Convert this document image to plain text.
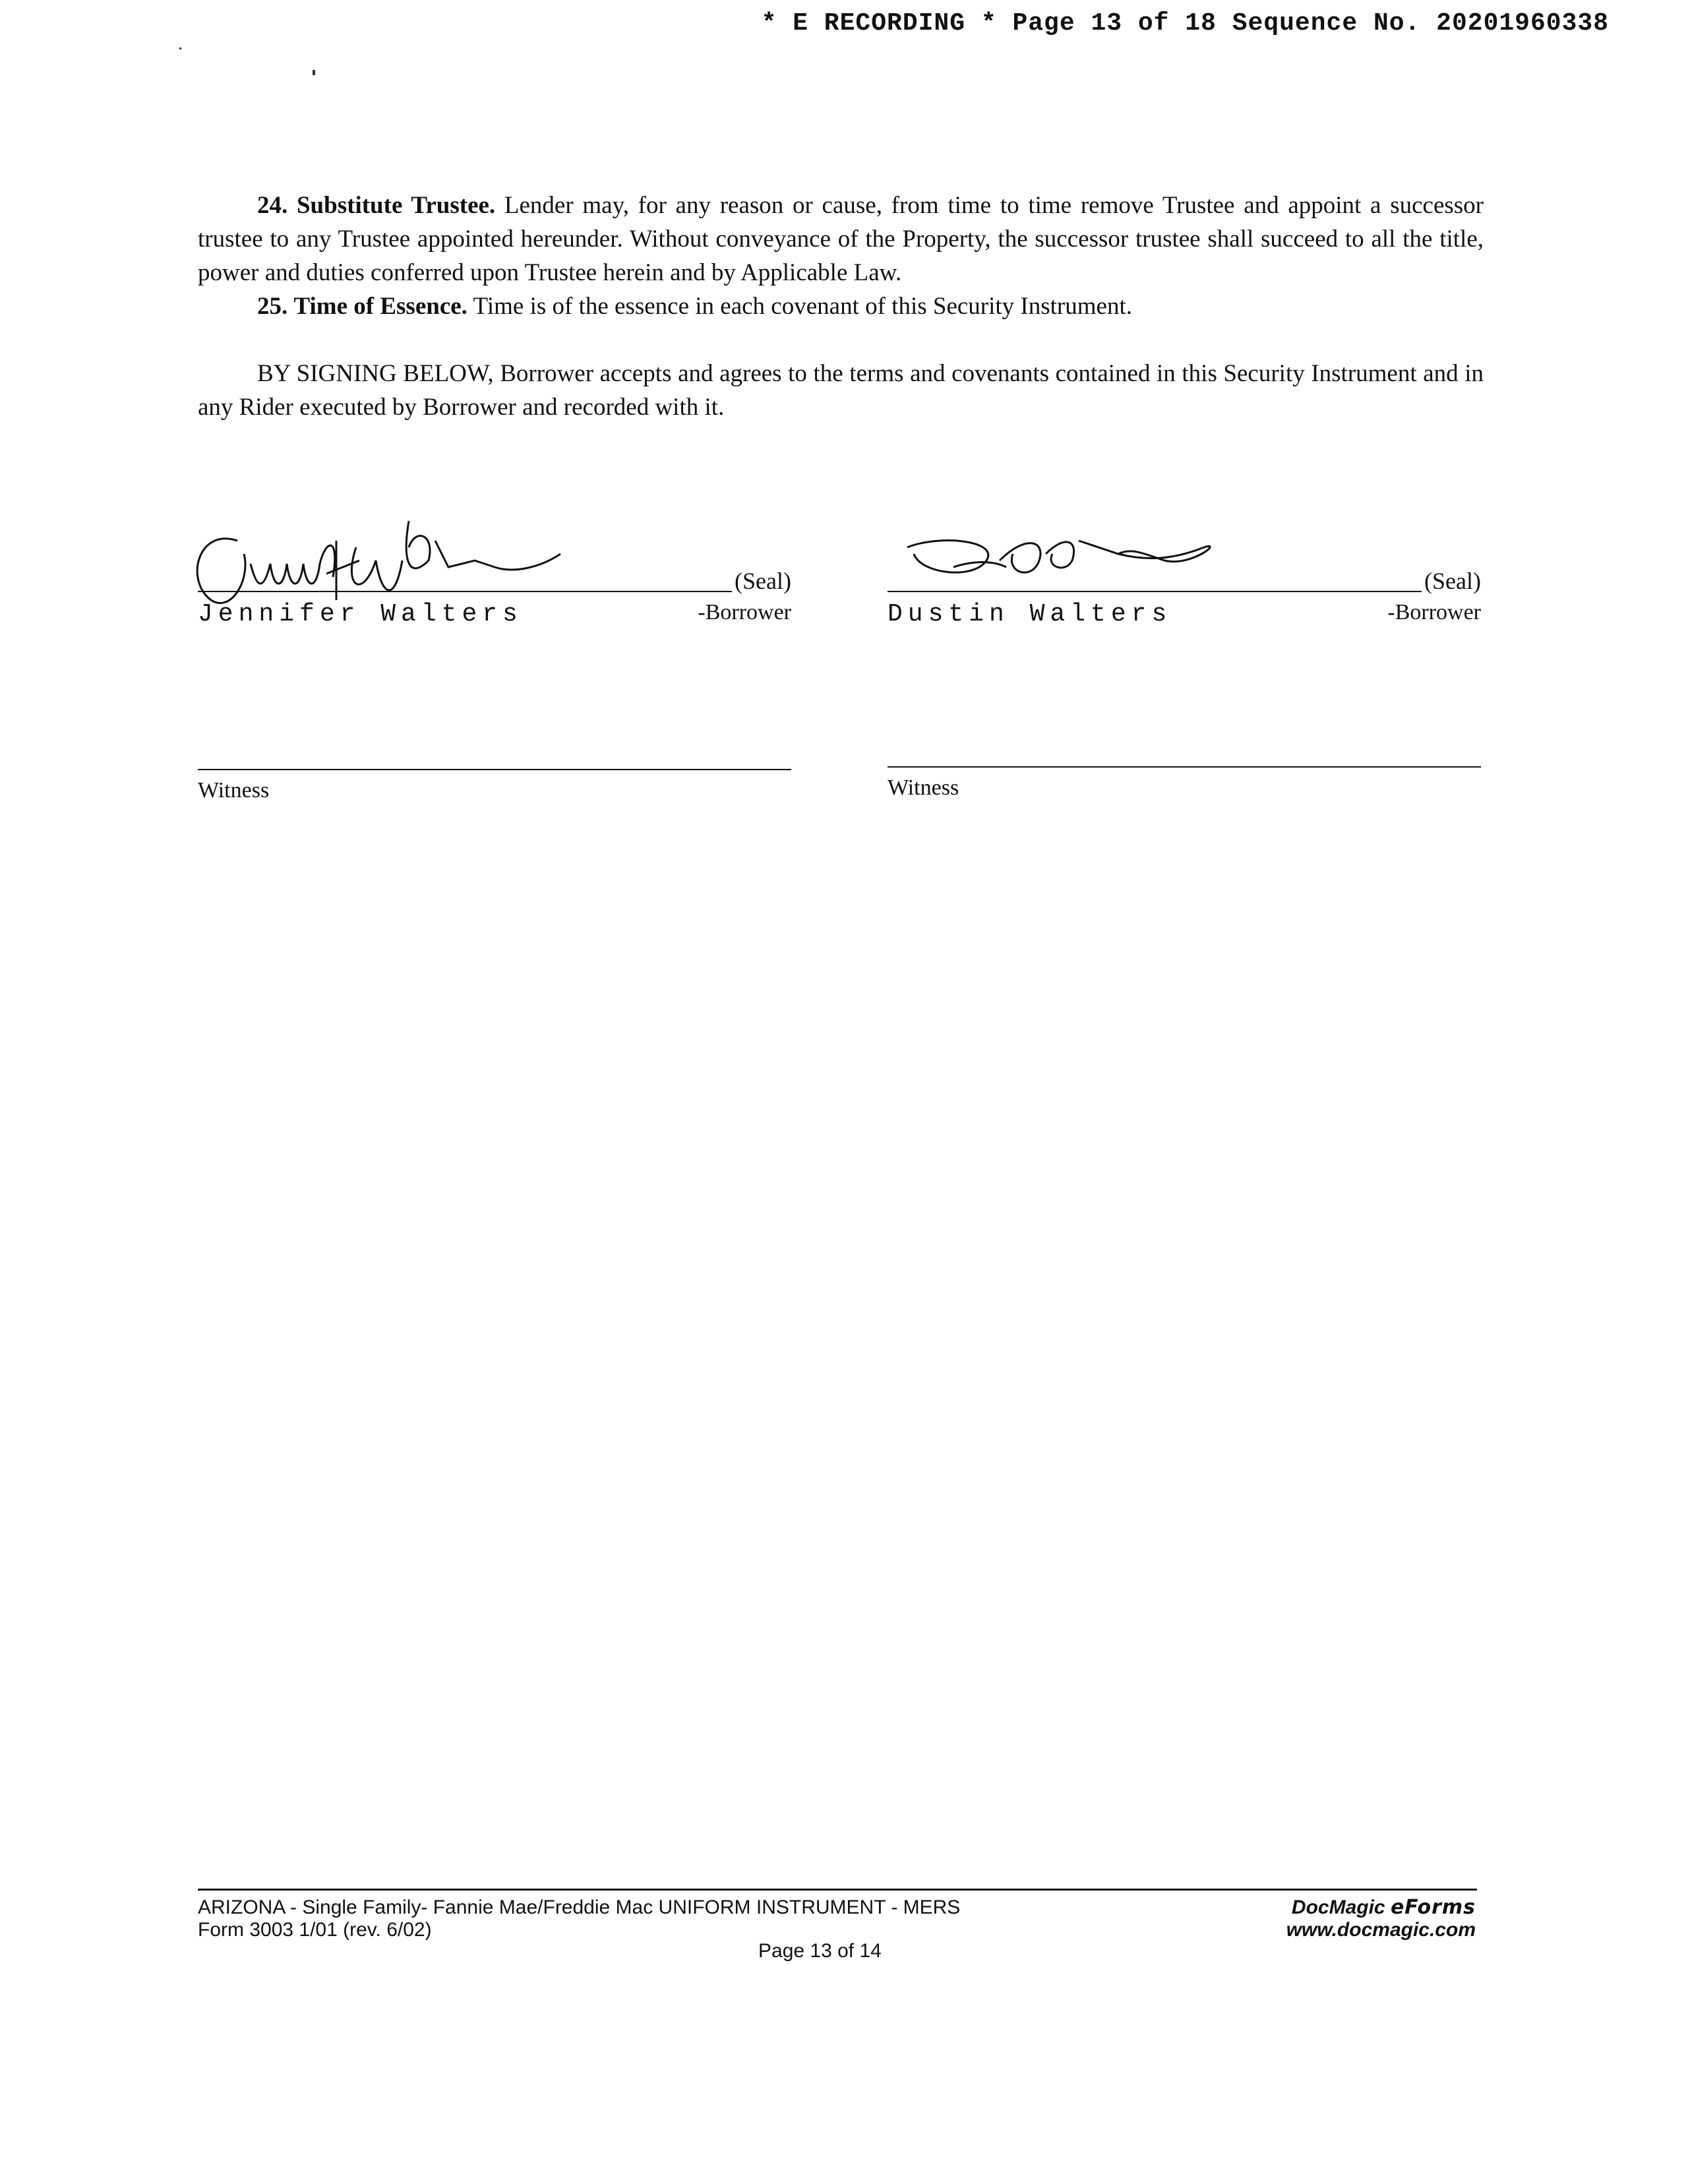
* E RECORDING * Page 13 of 18 Sequence No. 20201960338

24. Substitute Trustee. Lender may, for any reason or cause, from time to time remove Trustee and appoint a successor trustee to any Trustee appointed hereunder. Without conveyance of the Property, the successor trustee shall succeed to all the title, power and duties conferred upon Trustee herein and by Applicable Law.

25. Time of Essence. Time is of the essence in each covenant of this Security Instrument.

BY SIGNING BELOW, Borrower accepts and agrees to the terms and covenants contained in this Security Instrument and in any Rider executed by Borrower and recorded with it.

(Seal)
Jennifer Walters	-Borrower
(Seal)
Dustin Walters	-Borrower
Witness	Witness
ARIZONA - Single Family- Fannie Mae/Freddie Mac UNIFORM INSTRUMENT - MERS
Form 3003 1/01 (rev. 6/02)
Page 13 of 14
DocMagic eForms
www.docmagic.com
